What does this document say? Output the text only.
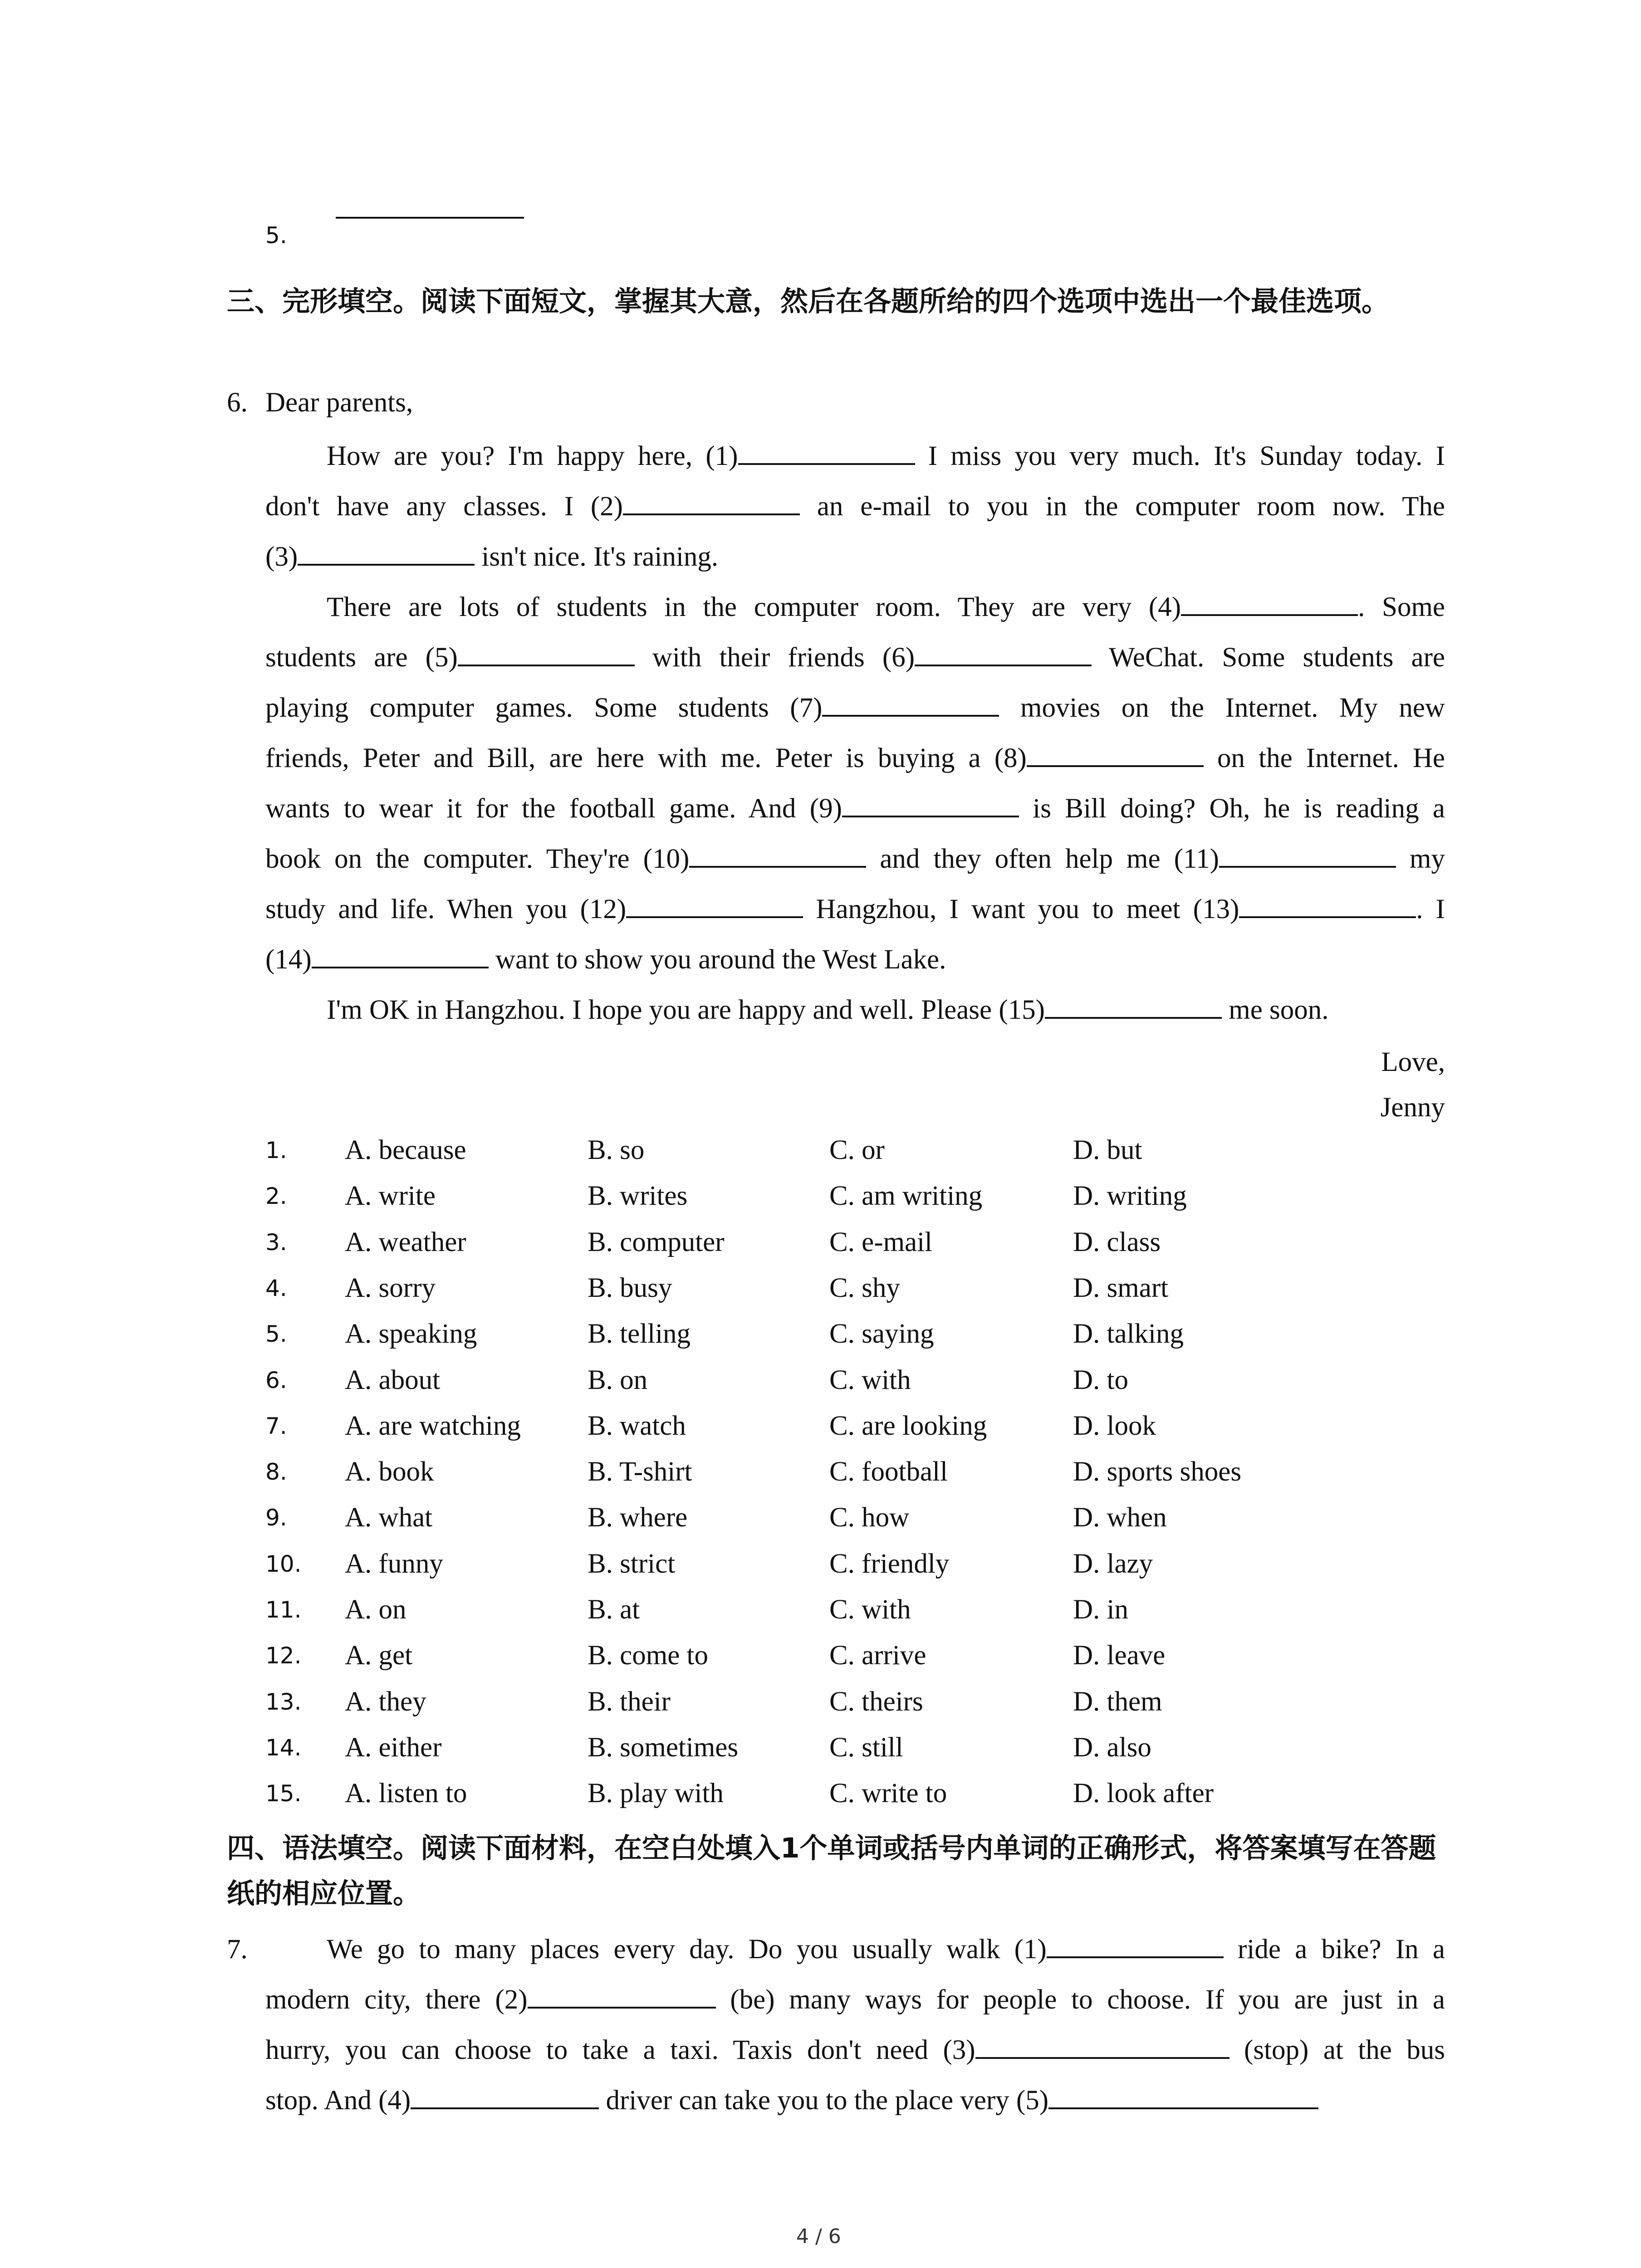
5.
三、完形填空。阅读下面短文，掌握其大意，然后在各题所给的四个选项中选出一个最佳选项。
6. Dear parents,
How are you? I'm happy here, (1)	I miss you very much. It's Sunday today. I
don't have any classes. I (2)	an e-mail to you in the computer room now. The
(3)	isn't nice. It's raining.
There are lots of students in the computer room. They are very (4)	. Some
students are (5)	with their friends (6)	WeChat. Some students are
playing computer games. Some students (7)	movies on the Internet. My new
friends, Peter and Bill, are here with me. Peter is buying a (8)	on the Internet. He
wants to wear it for the football game. And (9)	is Bill doing? Oh, he is reading a
book on the computer. They're (10)	and they often help me (11)	my
study and life. When you (12)	Hangzhou, I want you to meet (13)	. I
(14)	want to show you around the West Lake.
I'm OK in Hangzhou. I hope you are happy and well. Please (15)	me soon.
Love,
Jenny
1. A. because	B. so	C. or	D. but
2. A. write	B. writes	C. am writing	D. writing
3. A. weather	B. computer	C. e-mail	D. class
4. A. sorry	B. busy	C. shy	D. smart
5. A. speaking	B. telling	C. saying	D. talking
6. A. about	B. on	C. with	D. to
7. A. are watching B. watch	C. are looking	D. look
8. A. book	B. T-shirt	C. football	D. sports shoes
9. A. what	B. where	C. how	D. when
10. A. funny	B. strict	C. friendly	D. lazy
11. A. on	B. at	C. with	D. in
12. A. get	B. come to	C. arrive	D. leave
13. A. they	B. their	C. theirs	D. them
14. A. either	B. sometimes	C. still	D. also
15. A. listen to	B. play with	C. write to	D. look after
四、语法填空。阅读下面材料，在空白处填入1个单词或括号内单词的正确形式，将答案填写在答题纸的相应位置。
7.	We go to many places every day. Do you usually walk (1)	ride a bike? In a
modern city, there (2)	(be) many ways for people to choose. If you are just in a
hurry, you can choose to take a taxi. Taxis don't need (3)	(stop) at the bus
stop. And (4)	driver can take you to the place very (5)
4 / 6
